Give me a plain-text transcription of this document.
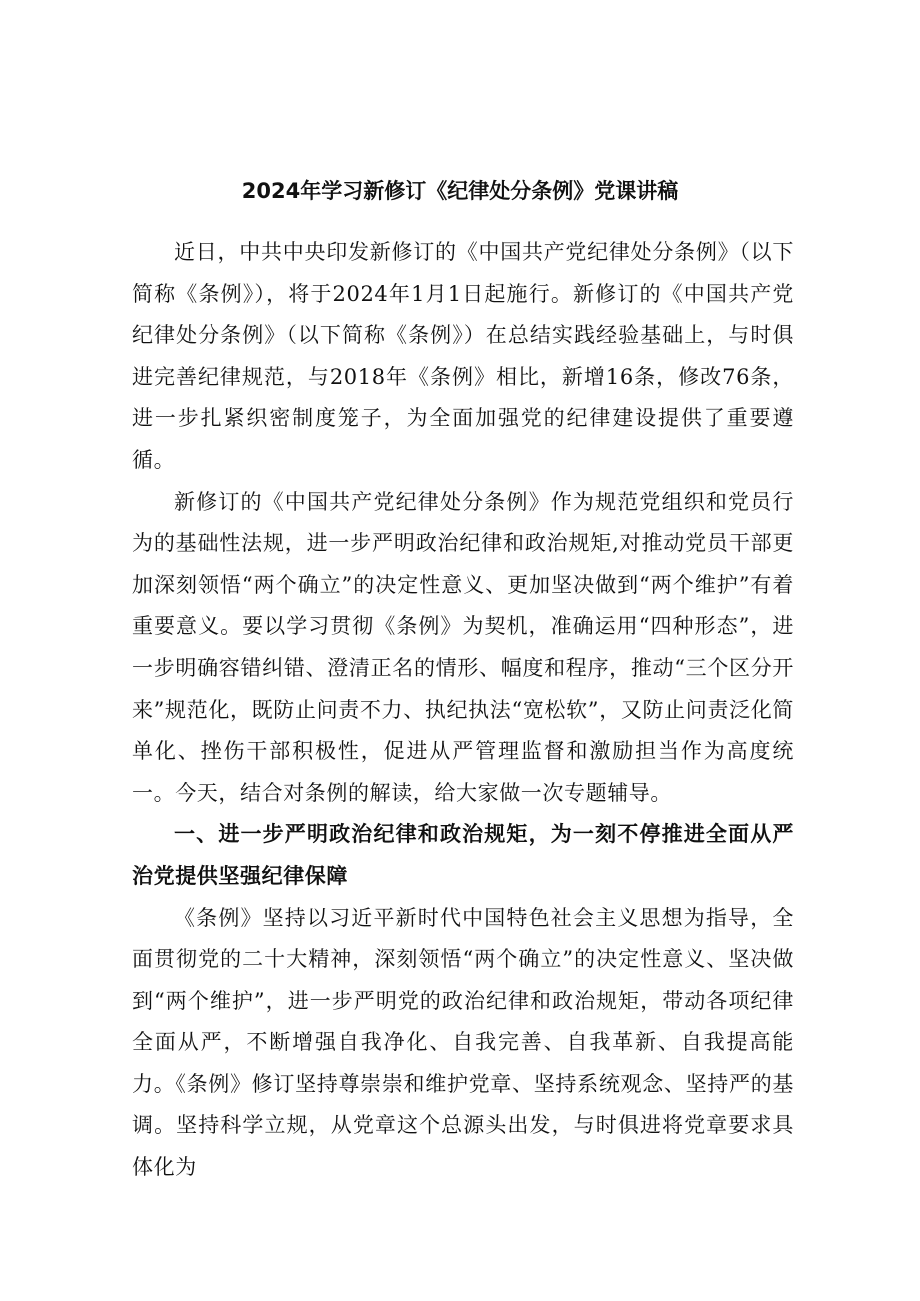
2024年学习新修订《纪律处分条例》党课讲稿

近日，中共中央印发新修订的《中国共产党纪律处分条例》（以下简称《条例》），将于2024年1月1日起施行。新修订的《中国共产党纪律处分条例》（以下简称《条例》）在总结实践经验基础上，与时俱进完善纪律规范，与2018年《条例》相比，新增16条，修改76条，进一步扎紧织密制度笼子，为全面加强党的纪律建设提供了重要遵循。

新修订的《中国共产党纪律处分条例》作为规范党组织和党员行为的基础性法规，进一步严明政治纪律和政治规矩,对推动党员干部更加深刻领悟“两个确立”的决定性意义、更加坚决做到“两个维护”有着重要意义。要以学习贯彻《条例》为契机，准确运用“四种形态”，进一步明确容错纠错、澄清正名的情形、幅度和程序，推动“三个区分开来”规范化，既防止问责不力、执纪执法“宽松软”，又防止问责泛化简单化、挫伤干部积极性，促进从严管理监督和激励担当作为高度统一。今天，结合对条例的解读，给大家做一次专题辅导。

一、进一步严明政治纪律和政治规矩，为一刻不停推进全面从严治党提供坚强纪律保障

《条例》坚持以习近平新时代中国特色社会主义思想为指导，全面贯彻党的二十大精神，深刻领悟“两个确立”的决定性意义、坚决做到“两个维护”，进一步严明党的政治纪律和政治规矩，带动各项纪律全面从严，不断增强自我净化、自我完善、自我革新、自我提高能力。《条例》修订坚持尊崇崇和维护党章、坚持系统观念、坚持严的基调。坚持科学立规，从党章这个总源头出发，与时俱进将党章要求具体化为
